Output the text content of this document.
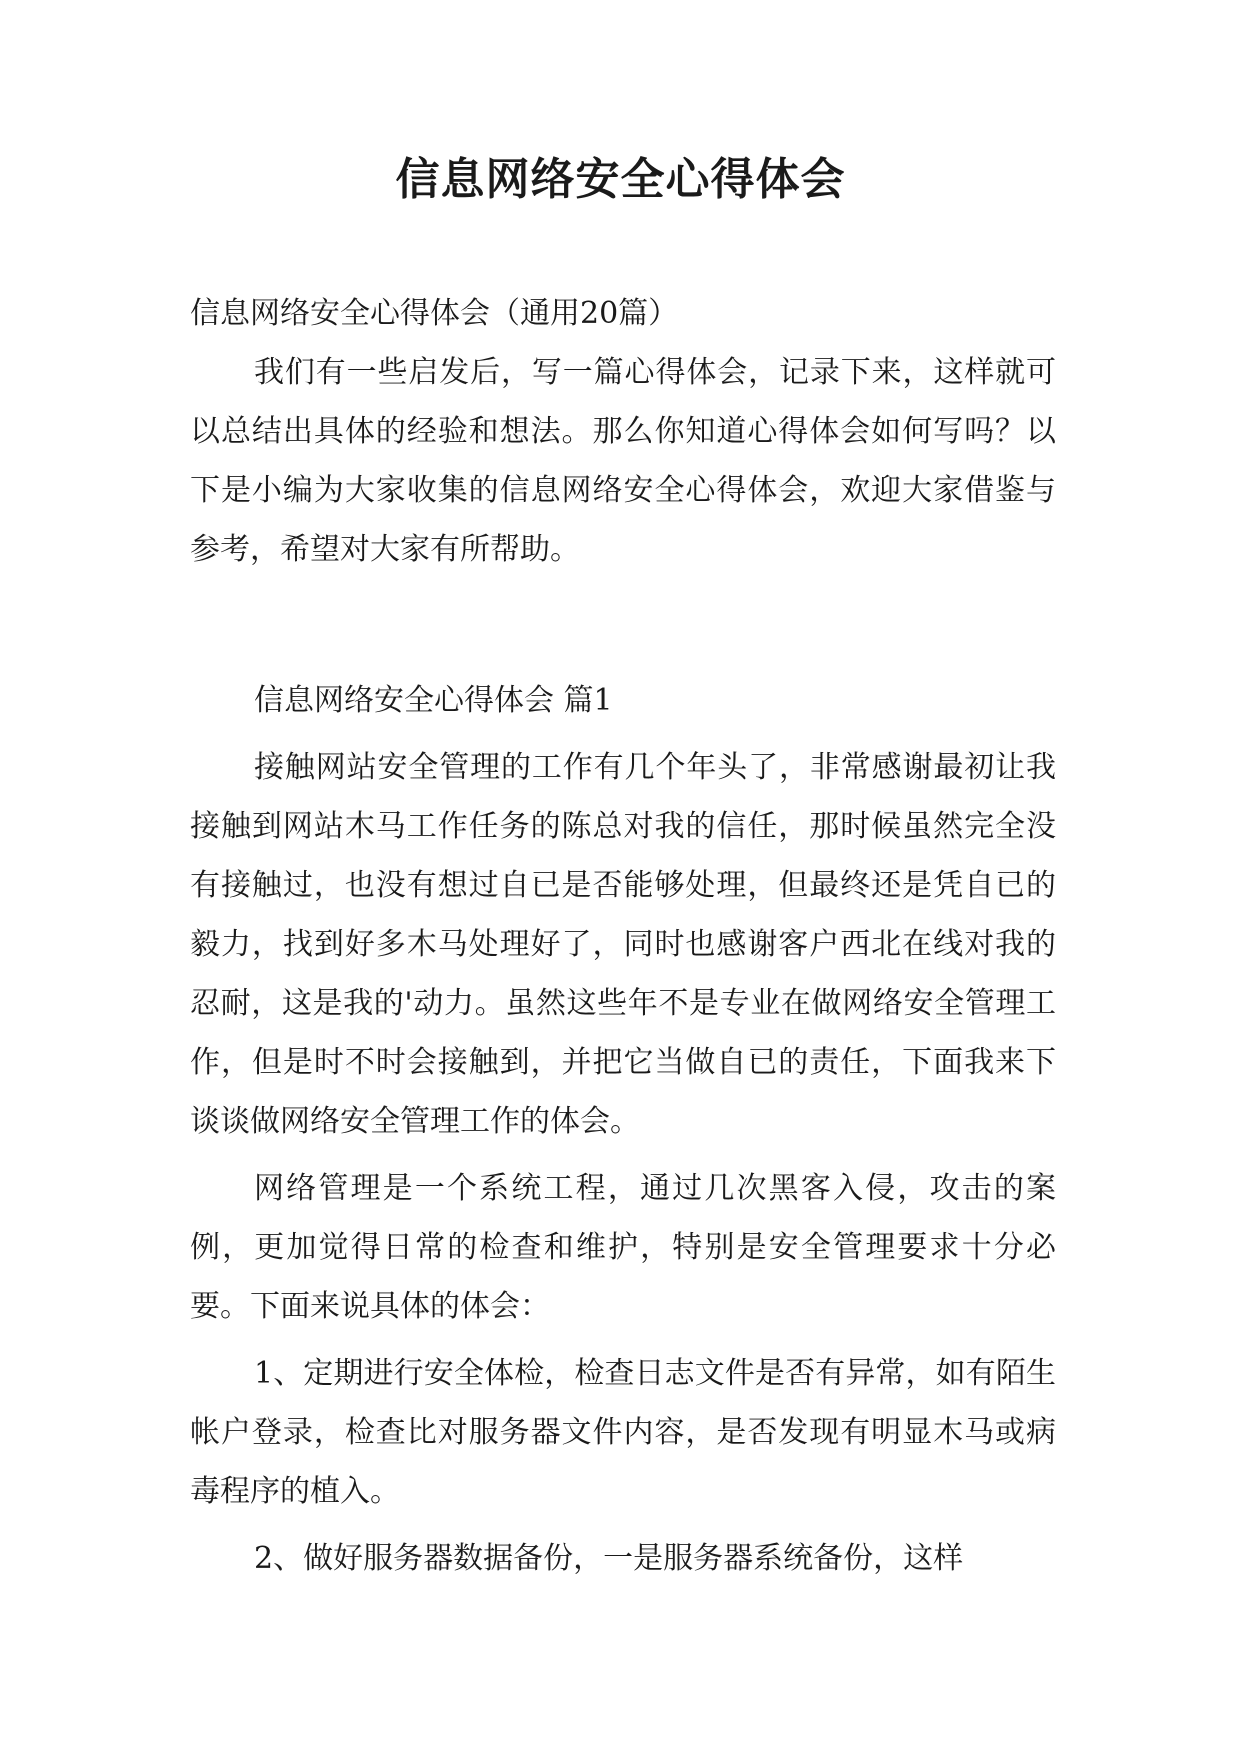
信息网络安全心得体会

信息网络安全心得体会（通用20篇）

我们有一些启发后，写一篇心得体会，记录下来，这样就可以总结出具体的经验和想法。那么你知道心得体会如何写吗？以下是小编为大家收集的信息网络安全心得体会，欢迎大家借鉴与参考，希望对大家有所帮助。

信息网络安全心得体会 篇1

接触网站安全管理的工作有几个年头了，非常感谢最初让我接触到网站木马工作任务的陈总对我的信任，那时候虽然完全没有接触过，也没有想过自已是否能够处理，但最终还是凭自已的毅力，找到好多木马处理好了，同时也感谢客户西北在线对我的忍耐，这是我的'动力。虽然这些年不是专业在做网络安全管理工作，但是时不时会接触到，并把它当做自已的责任，下面我来下谈谈做网络安全管理工作的体会。

网络管理是一个系统工程，通过几次黑客入侵，攻击的案例，更加觉得日常的检查和维护，特别是安全管理要求十分必要。下面来说具体的体会：

1、定期进行安全体检，检查日志文件是否有异常，如有陌生帐户登录，检查比对服务器文件内容，是否发现有明显木马或病毒程序的植入。

2、做好服务器数据备份，一是服务器系统备份，这样
